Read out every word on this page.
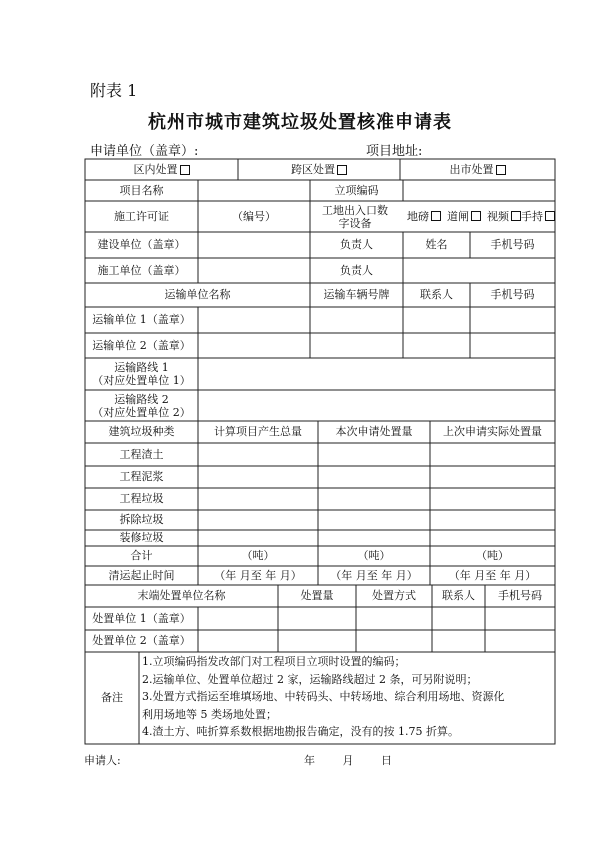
附表 1
杭州市城市建筑垃圾处置核准申请表
申请单位（盖章）:	项目地址:
区内处置	跨区处置	出市处置
项目名称	立项编码
施工许可证	（编号）	工地出入口数字设备	地磅	道闸	视频	手持
建设单位（盖章）	负责人	姓名	手机号码
施工单位（盖章）	负责人
运输单位名称	运输车辆号牌	联系人	手机号码
运输单位 1（盖章）
运输单位 2（盖章）
运输路线 1
（对应处置单位 1）
运输路线 2
（对应处置单位 2）
建筑垃圾种类	计算项目产生总量	本次申请处置量	上次申请实际处置量
工程渣土
工程泥浆
工程垃圾
拆除垃圾
装修垃圾
合计	（吨）	（吨）	（吨）
清运起止时间	（年 月至 年 月）	（年 月至 年 月）	（年 月至 年 月）
末端处置单位名称	处置量	处置方式	联系人	手机号码
处置单位 1（盖章）
处置单位 2（盖章）
备注
1.立项编码指发改部门对工程项目立项时设置的编码；
2.运输单位、处置单位超过 2 家，运输路线超过 2 条，可另附说明；
3.处置方式指运至堆填场地、中转码头、中转场地、综合利用场地、资源化
利用场地等 5 类场地处置；
4.渣土方、吨折算系数根据地勘报告确定，没有的按 1.75 折算。
申请人:	年 月 日
